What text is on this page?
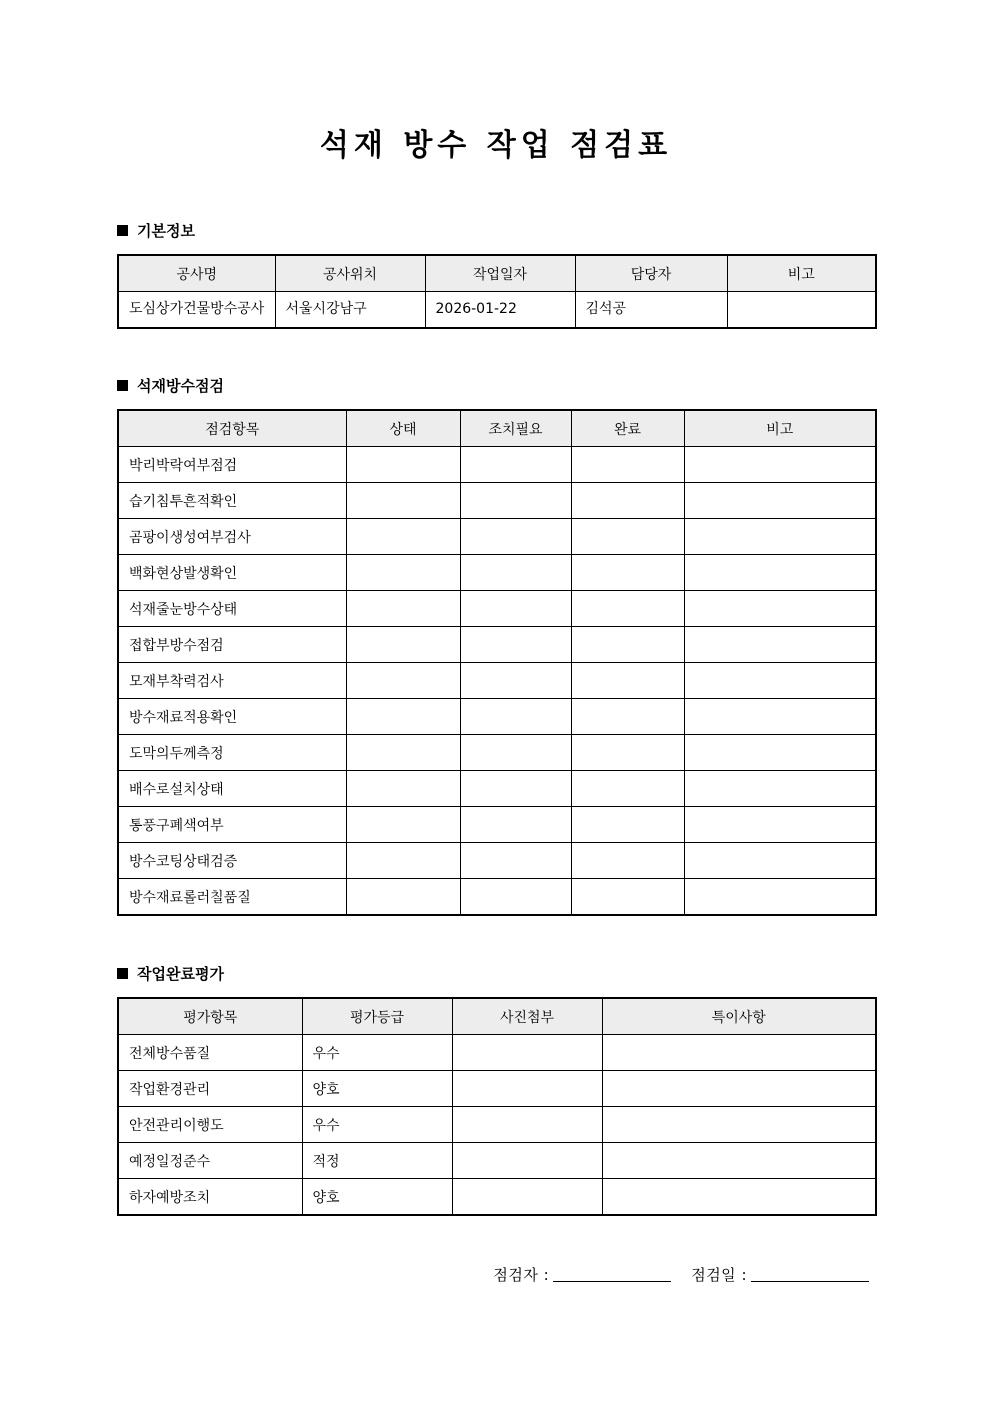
석재 방수 작업 점검표
기본정보
공사명	공사위치	작업일자	담당자	비고
도심상가건물방수공사	서울시강남구	2026-01-22	김석공	
석재방수점검
점검항목	상태	조치필요	완료	비고
박리박락여부점검				
습기침투흔적확인				
곰팡이생성여부검사				
백화현상발생확인				
석재줄눈방수상태				
접합부방수점검				
모재부착력검사				
방수재료적용확인				
도막의두께측정				
배수로설치상태				
통풍구폐색여부				
방수코팅상태검증				
방수재료롤러칠품질				
작업완료평가
평가항목	평가등급	사진첨부	특이사항
전체방수품질	우수		
작업환경관리	양호		
안전관리이행도	우수		
예정일정준수	적정		
하자예방조치	양호		
점검자 :	점검일 :
